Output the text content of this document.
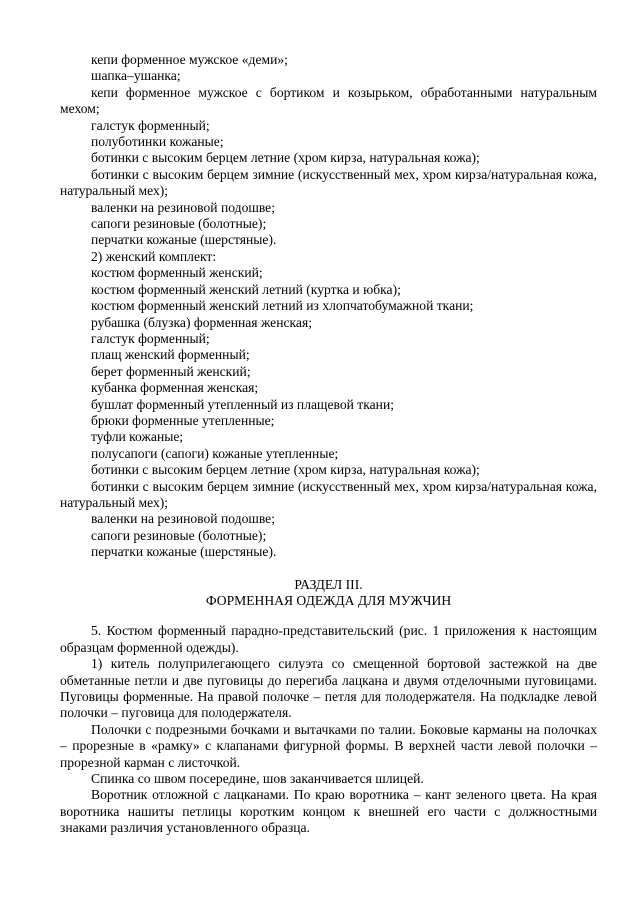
кепи форменное мужское «деми»;

шапка–ушанка;

кепи форменное мужское с бортиком и козырьком, обработанными натуральным мехом;

галстук форменный;

полуботинки кожаные;

ботинки с высоким берцем летние (хром кирза, натуральная кожа);

ботинки с высоким берцем зимние (искусственный мех, хром кирза/натуральная кожа, натуральный мех);

валенки на резиновой подошве;

сапоги резиновые (болотные);

перчатки кожаные (шерстяные).

2) женский комплект:

костюм форменный женский;

костюм форменный женский летний (куртка и юбка);

костюм форменный женский летний из хлопчатобумажной ткани;

рубашка (блузка) форменная женская;

галстук форменный;

плащ женский форменный;

берет форменный женский;

кубанка форменная женская;

бушлат форменный утепленный из плащевой ткани;

брюки форменные утепленные;

туфли кожаные;

полусапоги (сапоги) кожаные утепленные;

ботинки с высоким берцем летние (хром кирза, натуральная кожа);

ботинки с высоким берцем зимние (искусственный мех, хром кирза/натуральная кожа, натуральный мех);

валенки на резиновой подошве;

сапоги резиновые (болотные);

перчатки кожаные (шерстяные).

РАЗДЕЛ III.

ФОРМЕННАЯ ОДЕЖДА ДЛЯ МУЖЧИН

5. Костюм форменный парадно-представительский (рис. 1 приложения к настоящим образцам форменной одежды).

1) китель полуприлегающего силуэта со смещенной бортовой застежкой на две обметанные петли и две пуговицы до перегиба лацкана и двумя отделочными пуговицами. Пуговицы форменные. На правой полочке – петля для πолодержателя. На подкладке левой полочки – пуговица для полодержателя.

Полочки с подрезными бочками и вытачками по талии. Боковые карманы на полочках – прорезные в «рамку» с клапанами фигурной формы. В верхней части левой полочки – прорезной карман с листочкой.

Спинка со швом посередине, шов заканчивается шлицей.

Воротник отложной с лацканами. По краю воротника – кант зеленого цвета. На края воротника нашиты петлицы коротким концом к внешней его части с должностными знаками различия установленного образца.
